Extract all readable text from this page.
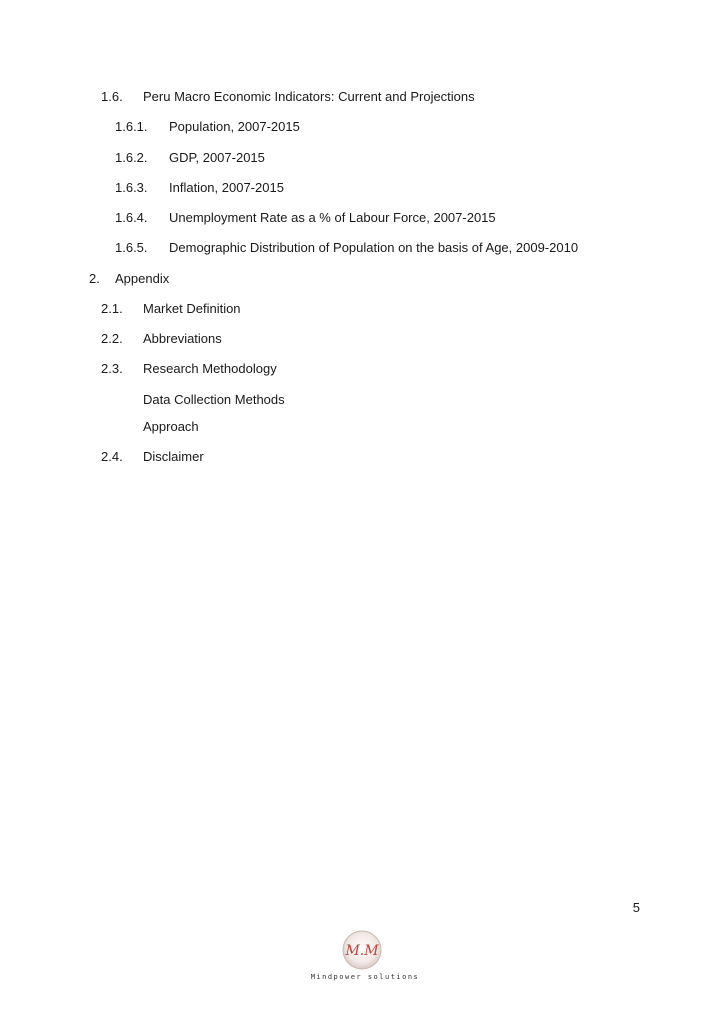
1.6. Peru Macro Economic Indicators: Current and Projections
1.6.1. Population, 2007-2015
1.6.2. GDP, 2007-2015
1.6.3. Inflation, 2007-2015
1.6.4. Unemployment Rate as a % of Labour Force, 2007-2015
1.6.5. Demographic Distribution of Population on the basis of Age, 2009-2010
2. Appendix
2.1. Market Definition
2.2. Abbreviations
2.3. Research Methodology
Data Collection Methods
Approach
2.4. Disclaimer
5
M.M
Mindpower solutions
